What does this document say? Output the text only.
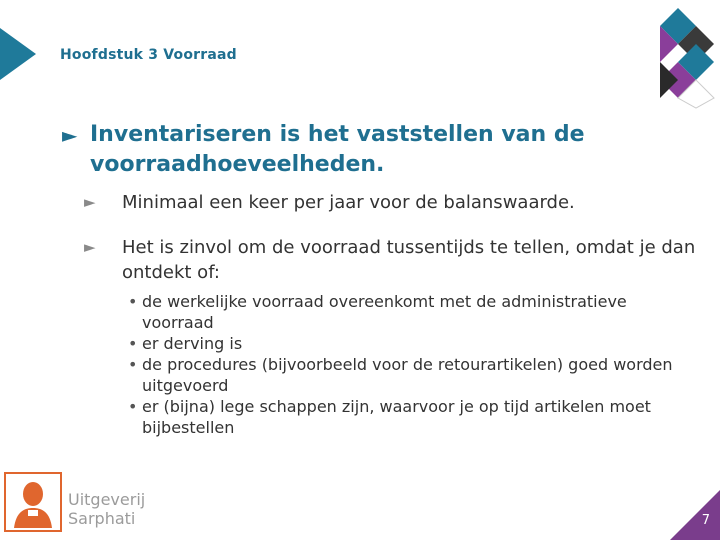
Hoofdstuk 3 Voorraad
► Inventariseren is het vaststellen van de voorraadhoeveelheden.
►	Minimaal een keer per jaar voor de balanswaarde.
►	Het is zinvol om de voorraad tussentijds te tellen, omdat je dan ontdekt of:
• de werkelijke voorraad overeenkomt met de administratieve voorraad
• er derving is
• de procedures (bijvoorbeeld voor de retourartikelen) goed worden uitgevoerd
• er (bijna) lege schappen zijn, waarvoor je op tijd artikelen moet bijbestellen
Uitgeverij
Sarphati	7
